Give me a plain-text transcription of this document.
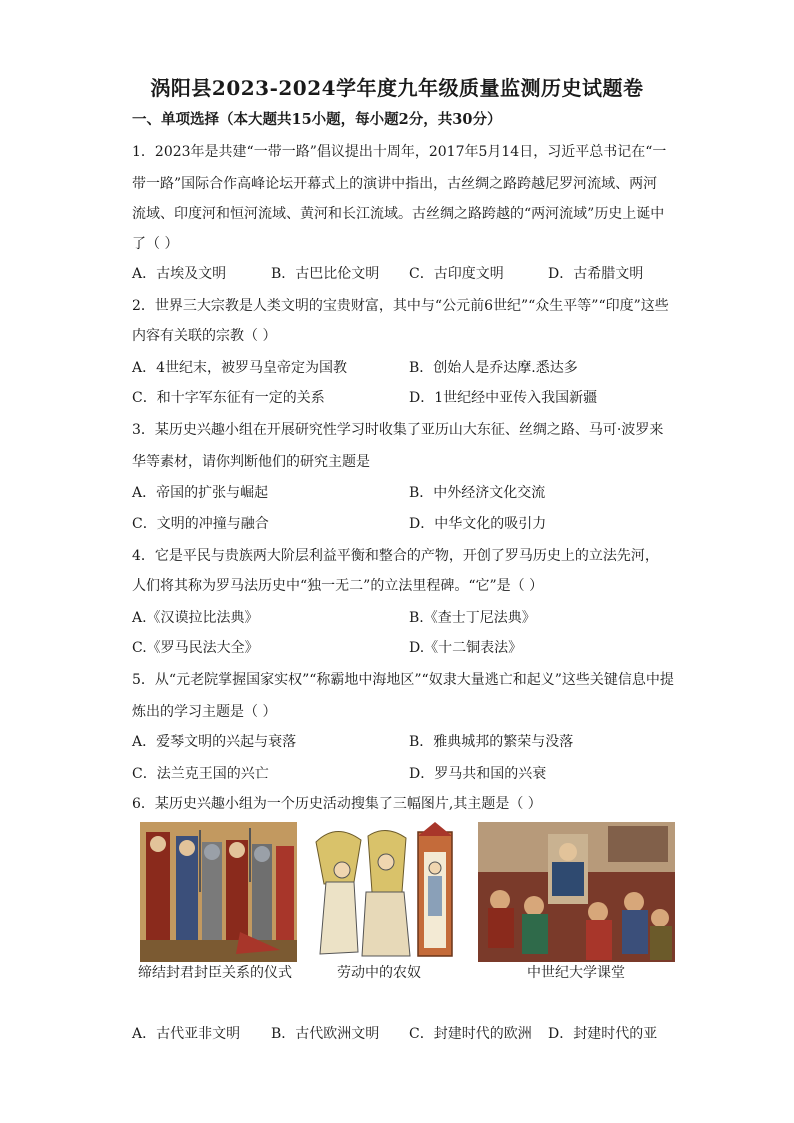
涡阳县2023-2024学年度九年级质量监测历史试题卷
一、单项选择（本大题共15小题，每小题2分，共30分）
1．2023年是共建“一带一路”倡议提出十周年，2017年5月14日，习近平总书记在“一
带一路”国际合作高峰论坛开幕式上的演讲中指出，古丝绸之路跨越尼罗河流域、两河
流域、印度河和恒河流域、黄河和长江流域。古丝绸之路跨越的“两河流域”历史上诞中
了（ ）
A．古埃及文明	B．古巴比伦文明 C．古印度文明	D．古希腊文明
2．世界三大宗教是人类文明的宝贵财富，其中与“公元前6世纪”“众生平等”“印度”这些
内容有关联的宗教（ ）
A．4世纪末，被罗马皇帝定为国教	B．创始人是乔达摩.悉达多
C．和十字军东征有一定的关系	D．1世纪经中亚传入我国新疆
3．某历史兴趣小组在开展研究性学习时收集了亚历山大东征、丝绸之路、马可·波罗来
华等素材，请你判断他们的研究主题是
A．帝国的扩张与崛起	B．中外经济文化交流
C．文明的冲撞与融合	D．中华文化的吸引力
4．它是平民与贵族两大阶层利益平衡和整合的产物，开创了罗马历史上的立法先河，
人们将其称为罗马法历史中“独一无二”的立法里程碑。“它”是（ ）
A.《汉谟拉比法典》	B.《查士丁尼法典》
C.《罗马民法大全》	D.《十二铜表法》
5．从“元老院掌握国家实权”“称霸地中海地区”“奴隶大量逃亡和起义”这些关键信息中提
炼出的学习主题是（ ）
A．爱琴文明的兴起与衰落	B．雅典城邦的繁荣与没落
C．法兰克王国的兴亡	D．罗马共和国的兴衰
6．某历史兴趣小组为一个历史活动搜集了三幅图片,其主题是（ ）
缔结封君封臣关系的仪式	劳动中的农奴	中世纪大学课堂
A．古代亚非文明 B．古代欧洲文明 C．封建时代的欧洲 D．封建时代的亚
